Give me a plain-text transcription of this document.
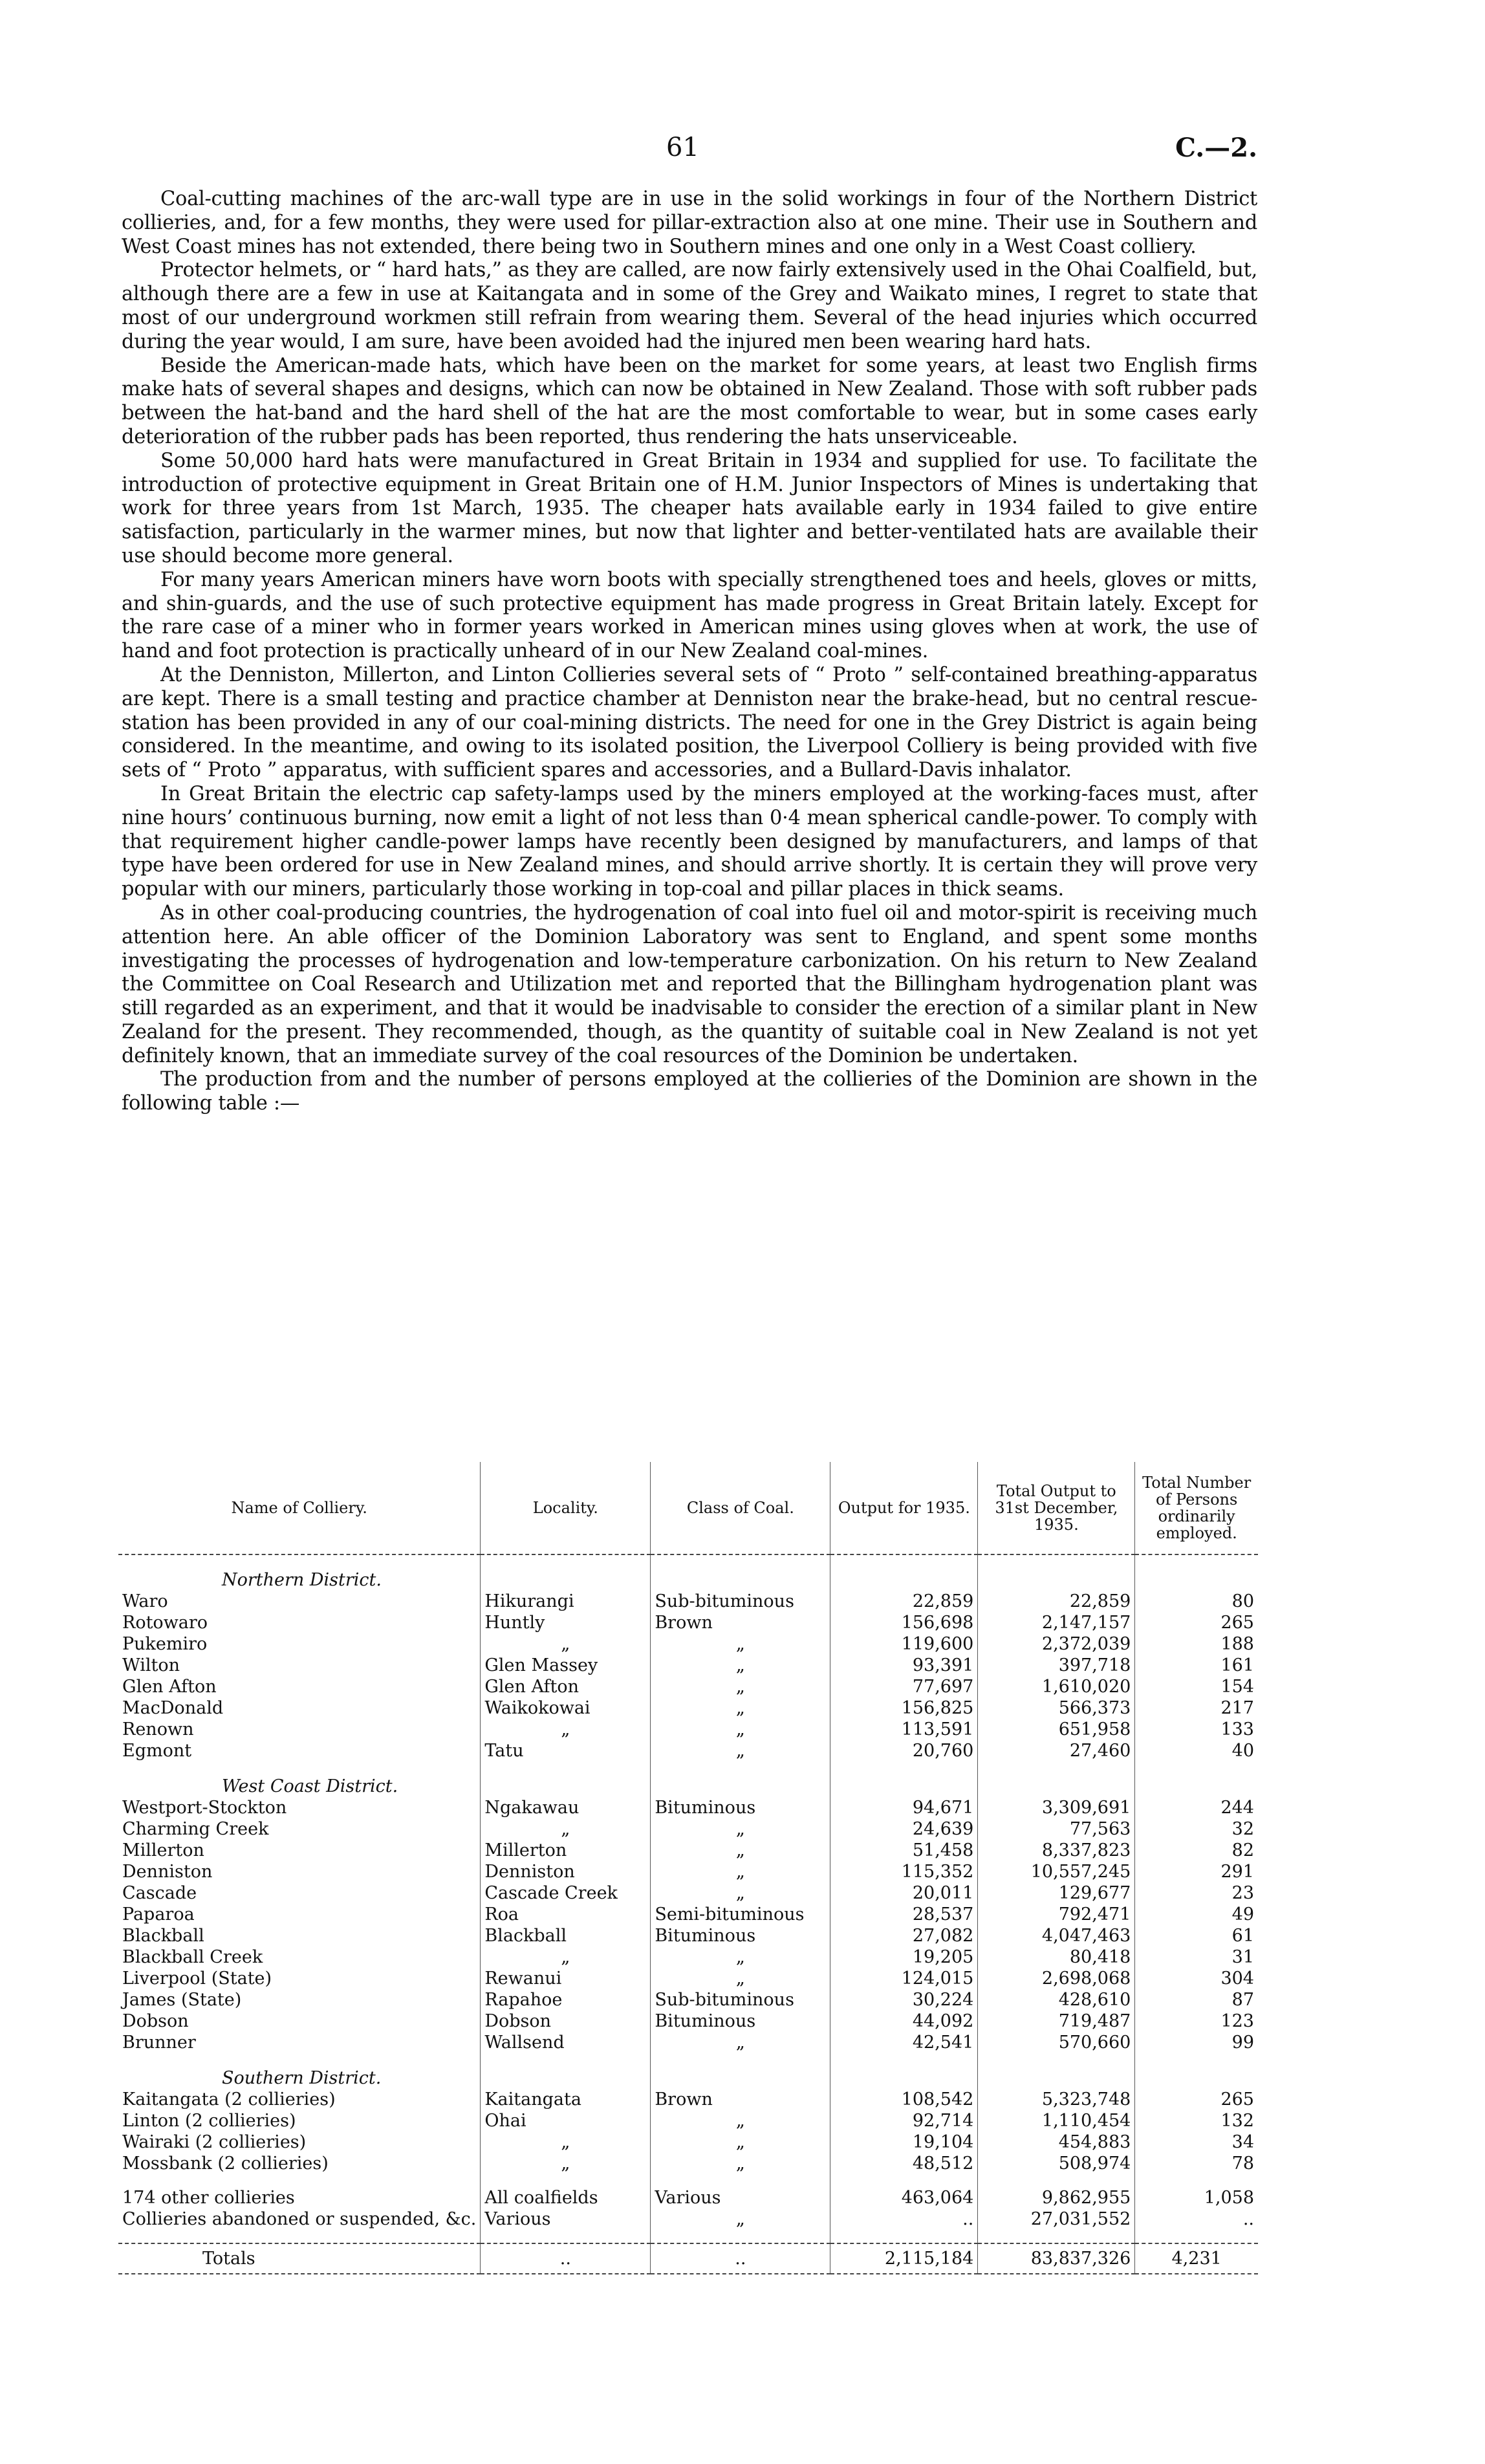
61	C.—2.

Coal-cutting machines of the arc-wall type are in use in the solid workings in four of the Northern District collieries, and, for a few months, they were used for pillar-extraction also at one mine. Their use in Southern and West Coast mines has not extended, there being two in Southern mines and one only in a West Coast colliery.

Protector helmets, or “ hard hats,” as they are called, are now fairly extensively used in the Ohai Coalfield, but, although there are a few in use at Kaitangata and in some of the Grey and Waikato mines, I regret to state that most of our underground workmen still refrain from wearing them. Several of the head injuries which occurred during the year would, I am sure, have been avoided had the injured men been wearing hard hats.

Beside the American-made hats, which have been on the market for some years, at least two English firms make hats of several shapes and designs, which can now be obtained in New Zealand. Those with soft rubber pads between the hat-band and the hard shell of the hat are the most comfortable to wear, but in some cases early deterioration of the rubber pads has been reported, thus rendering the hats unserviceable.

Some 50,000 hard hats were manufactured in Great Britain in 1934 and supplied for use. To facilitate the introduction of protective equipment in Great Britain one of H.M. Junior Inspectors of Mines is undertaking that work for three years from 1st March, 1935. The cheaper hats available early in 1934 failed to give entire satisfaction, particularly in the warmer mines, but now that lighter and better-ventilated hats are available their use should become more general.

For many years American miners have worn boots with specially strengthened toes and heels, gloves or mitts, and shin-guards, and the use of such protective equipment has made progress in Great Britain lately. Except for the rare case of a miner who in former years worked in American mines using gloves when at work, the use of hand and foot protection is practically unheard of in our New Zealand coal-mines.

At the Denniston, Millerton, and Linton Collieries several sets of “ Proto ” self-contained breathing-apparatus are kept. There is a small testing and practice chamber at Denniston near the brake-head, but no central rescue-station has been provided in any of our coal-mining districts. The need for one in the Grey District is again being considered. In the meantime, and owing to its isolated position, the Liverpool Colliery is being provided with five sets of “ Proto ” apparatus, with sufficient spares and accessories, and a Bullard-Davis inhalator.

In Great Britain the electric cap safety-lamps used by the miners employed at the working-faces must, after nine hours’ continuous burning, now emit a light of not less than 0·4 mean spherical candle-power. To comply with that requirement higher candle-power lamps have recently been designed by manufacturers, and lamps of that type have been ordered for use in New Zealand mines, and should arrive shortly. It is certain they will prove very popular with our miners, particularly those working in top-coal and pillar places in thick seams.

As in other coal-producing countries, the hydrogenation of coal into fuel oil and motor-spirit is receiving much attention here. An able officer of the Dominion Laboratory was sent to England, and spent some months investigating the processes of hydrogenation and low-temperature carbonization. On his return to New Zealand the Committee on Coal Research and Utilization met and reported that the Billingham hydrogenation plant was still regarded as an experiment, and that it would be inadvisable to consider the erection of a similar plant in New Zealand for the present. They recommended, though, as the quantity of suitable coal in New Zealand is not yet definitely known, that an immediate survey of the coal resources of the Dominion be undertaken.

The production from and the number of persons employed at the collieries of the Dominion are shown in the following table :—

Name of Colliery.	Locality.	Class of Coal.	Output for 1935.	Total Output to 31st December, 1935.	Total Number of Persons ordinarily employed.
Northern District.					
Waro	Hikurangi	Sub-bituminous	22,859	22,859	80
Rotowaro	Huntly	Brown	156,698	2,147,157	265
Pukemiro	„	„	119,600	2,372,039	188
Wilton	Glen Massey	„	93,391	397,718	161
Glen Afton	Glen Afton	„	77,697	1,610,020	154
MacDonald	Waikokowai	„	156,825	566,373	217
Renown	„	„	113,591	651,958	133
Egmont	Tatu	„	20,760	27,460	40
West Coast District.					
Westport-Stockton	Ngakawau	Bituminous	94,671	3,309,691	244
Charming Creek	„	„	24,639	77,563	32
Millerton	Millerton	„	51,458	8,337,823	82
Denniston	Denniston	„	115,352	10,557,245	291
Cascade	Cascade Creek	„	20,011	129,677	23
Paparoa	Roa	Semi-bituminous	28,537	792,471	49
Blackball	Blackball	Bituminous	27,082	4,047,463	61
Blackball Creek	„	„	19,205	80,418	31
Liverpool (State)	Rewanui	„	124,015	2,698,068	304
James (State)	Rapahoe	Sub-bituminous	30,224	428,610	87
Dobson	Dobson	Bituminous	44,092	719,487	123
Brunner	Wallsend	„	42,541	570,660	99
Southern District.					
Kaitangata (2 collieries)	Kaitangata	Brown	108,542	5,323,748	265
Linton (2 collieries)	Ohai	„	92,714	1,110,454	132
Wairaki (2 collieries)	„	„	19,104	454,883	34
Mossbank (2 collieries)	„	„	48,512	508,974	78

174 other collieries	All coalfields	Various	463,064	9,862,955	1,058
Collieries abandoned or suspended, &c.	Various	„	..	27,031,552	..

Totals	..	..	2,115,184	83,837,326	4,231
